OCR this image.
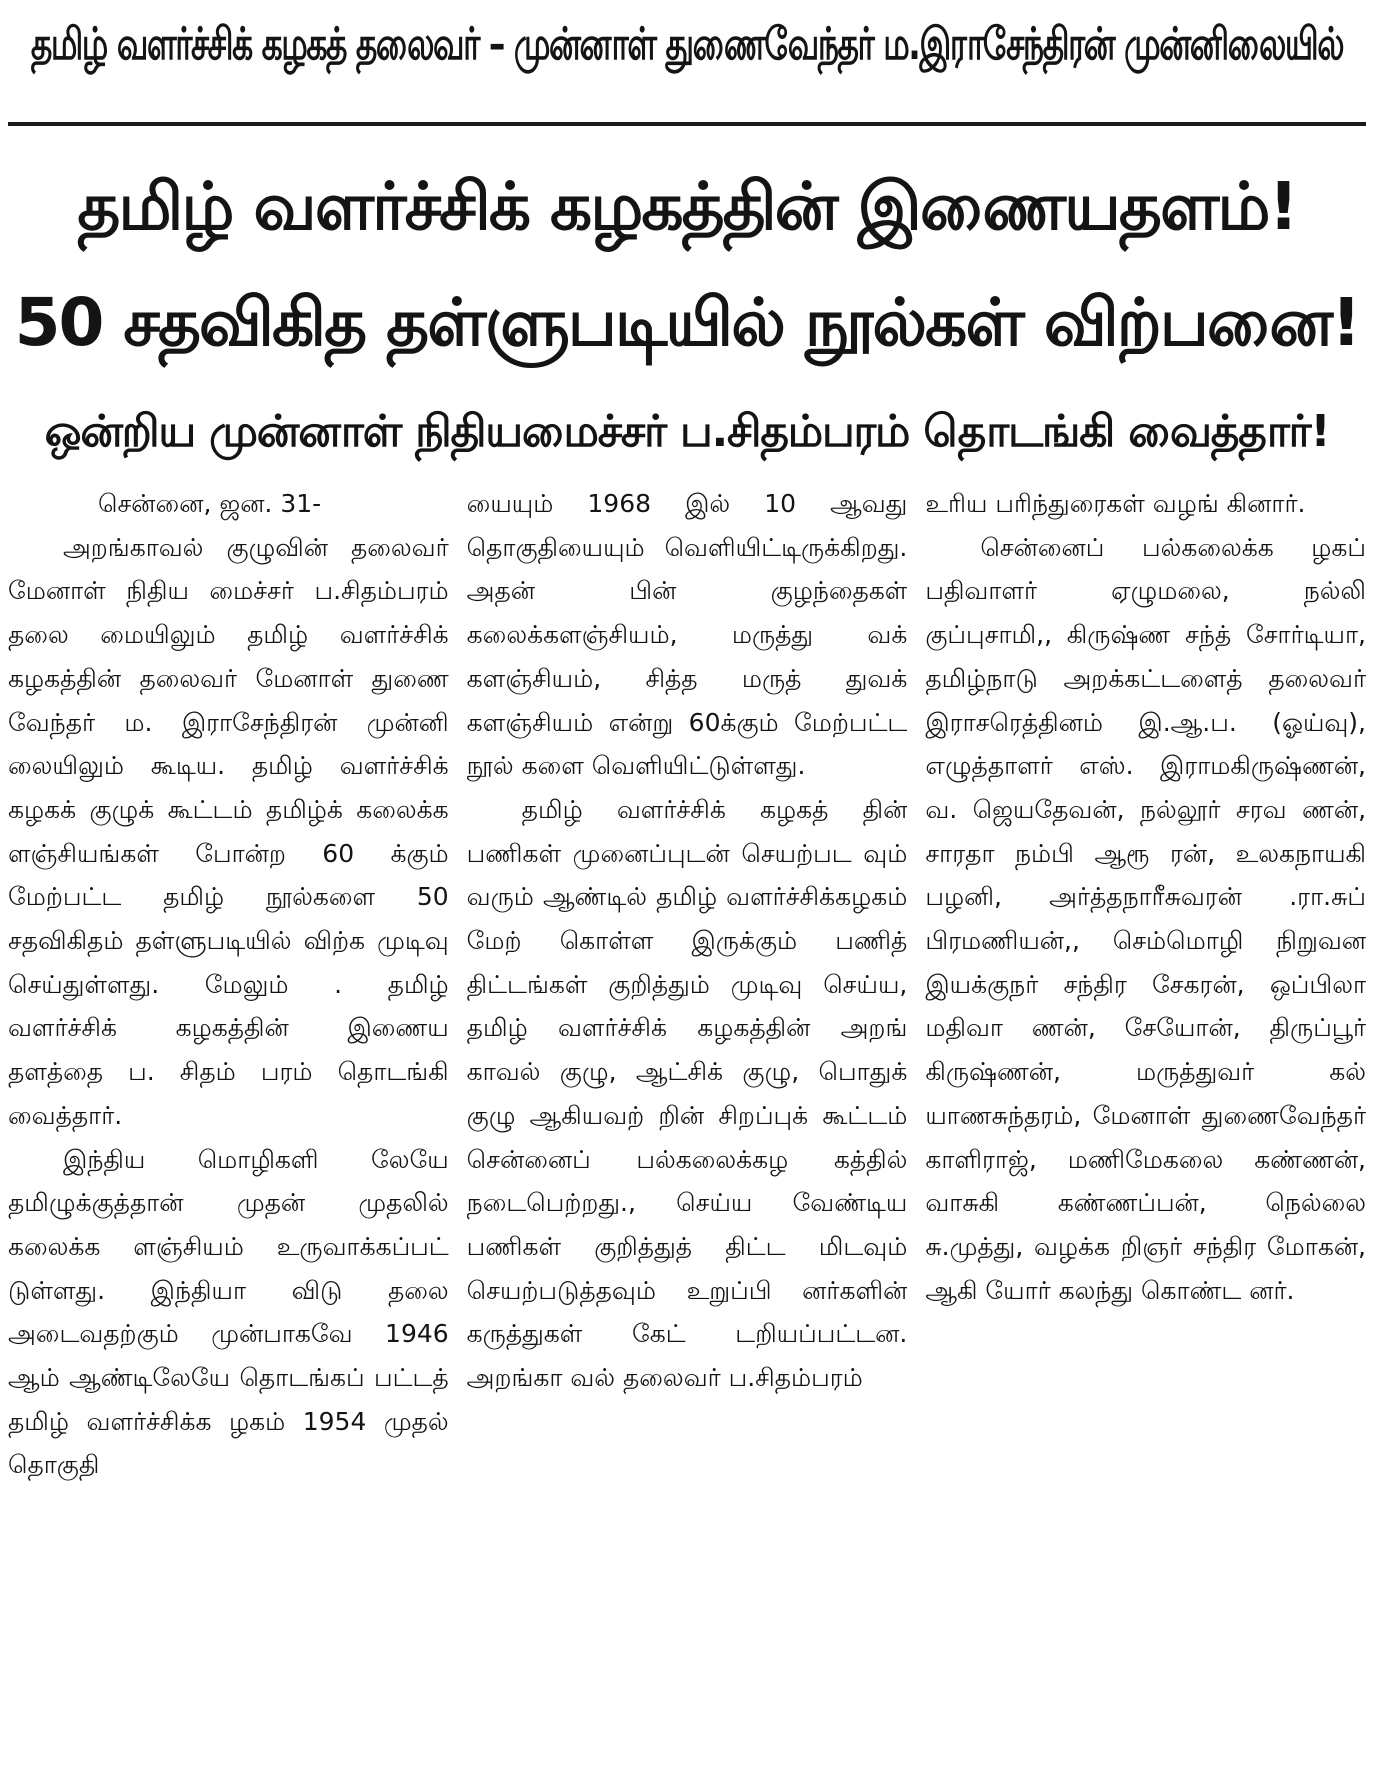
தமிழ் வளர்ச்சிக் கழகத் தலைவர் – முன்னாள் துணைவேந்தர் ம.இராசேந்திரன் முன்னிலையில்
தமிழ் வளர்ச்சிக் கழகத்தின் இணையதளம்!
50 சதவிகித தள்ளுபடியில் நூல்கள் விற்பனை!
ஒன்றிய முன்னாள் நிதியமைச்சர் ப.சிதம்பரம் தொடங்கி வைத்தார்!

சென்னை, ஜன. 31-

அறங்காவல் குழுவின் தலைவர் மேனாள் நிதிய மைச்சர் ப.சிதம்பரம் தலை மையிலும் தமிழ் வளர்ச்சிக் கழகத்தின் தலைவர் மேனாள் துணை வேந்தர் ம. இராசேந்திரன் முன்னி லையிலும் கூடிய. தமிழ் வளர்ச்சிக் கழகக் குழுக் கூட்டம் தமிழ்க் கலைக்க ளஞ்சியங்கள் போன்ற 60 க்கும் மேற்பட்ட தமிழ் நூல்களை 50 சதவிகிதம் தள்ளுபடியில் விற்க முடிவு செய்துள்ளது. மேலும் . தமிழ் வளர்ச்சிக் கழகத்தின் இணைய தளத்தை ப. சிதம் பரம் தொடங்கி வைத்தார்.

இந்திய மொழிகளி லேயே தமிழுக்குத்தான் முதன் முதலில் கலைக்க ளஞ்சியம் உருவாக்கப்பட் டுள்ளது. இந்தியா விடு தலை அடைவதற்கும் முன்பாகவே 1946 ஆம் ஆண்டிலேயே தொடங்கப் பட்டத் தமிழ் வளர்ச்சிக்க ழகம் 1954 முதல் தொகுதி

யையும் 1968 இல் 10 ஆவது தொகுதியையும் வெளியிட்டிருக்கிறது. அதன் பின் குழந்தைகள் கலைக்களஞ்சியம், மருத்து வக் களஞ்சியம், சித்த மருத் துவக் களஞ்சியம் என்று 60க்கும் மேற்பட்ட நூல் களை வெளியிட்டுள்ளது.

தமிழ் வளர்ச்சிக் கழகத் தின் பணிகள் முனைப்புடன் செயற்பட வும் வரும் ஆண்டில் தமிழ் வளர்ச்சிக்கழகம் மேற் கொள்ள இருக்கும் பணித் திட்டங்கள் குறித்தும் முடிவு செய்ய, தமிழ் வளர்ச்சிக் கழகத்தின் அறங் காவல் குழு, ஆட்சிக் குழு, பொதுக் குழு ஆகியவற் றின் சிறப்புக் கூட்டம் சென்னைப் பல்கலைக்கழ கத்தில் நடைபெற்றது., செய்ய வேண்டிய பணிகள் குறித்துத் திட்ட மிடவும் செயற்படுத்தவும் உறுப்பி னர்களின் கருத்துகள் கேட் டறியப்பட்டன. அறங்கா வல் தலைவர் ப.சிதம்பரம்

உரிய பரிந்துரைகள் வழங் கினார்.

சென்னைப் பல்கலைக்க ழகப் பதிவாளர் ஏழுமலை, நல்லி குப்புசாமி,, கிருஷ்ண சந்த் சோர்டியா, தமிழ்நாடு அறக்கட்டளைத் தலைவர் இராசரெத்தினம் இ.ஆ.ப. (ஓய்வு), எழுத்தாளர் எஸ். இராமகிருஷ்ணன், வ. ஜெயதேவன், நல்லூர் சரவ ணன், சாரதா நம்பி ஆரூ ரன், உலகநாயகி பழனி, அர்த்தநாரீசுவரன் .ரா.சுப் பிரமணியன்,, செம்மொழி நிறுவன இயக்குநர் சந்திர சேகரன், ஒப்பிலா மதிவா ணன், சேயோன், திருப்பூர் கிருஷ்ணன், மருத்துவர் கல் யாணசுந்தரம், மேனாள் துணைவேந்தர் காளிராஜ், மணிமேகலை கண்ணன், வாசுகி கண்ணப்பன், நெல்லை சு.முத்து, வழக்க றிஞர் சந்திர மோகன், ஆகி யோர் கலந்து கொண்ட னர்.
